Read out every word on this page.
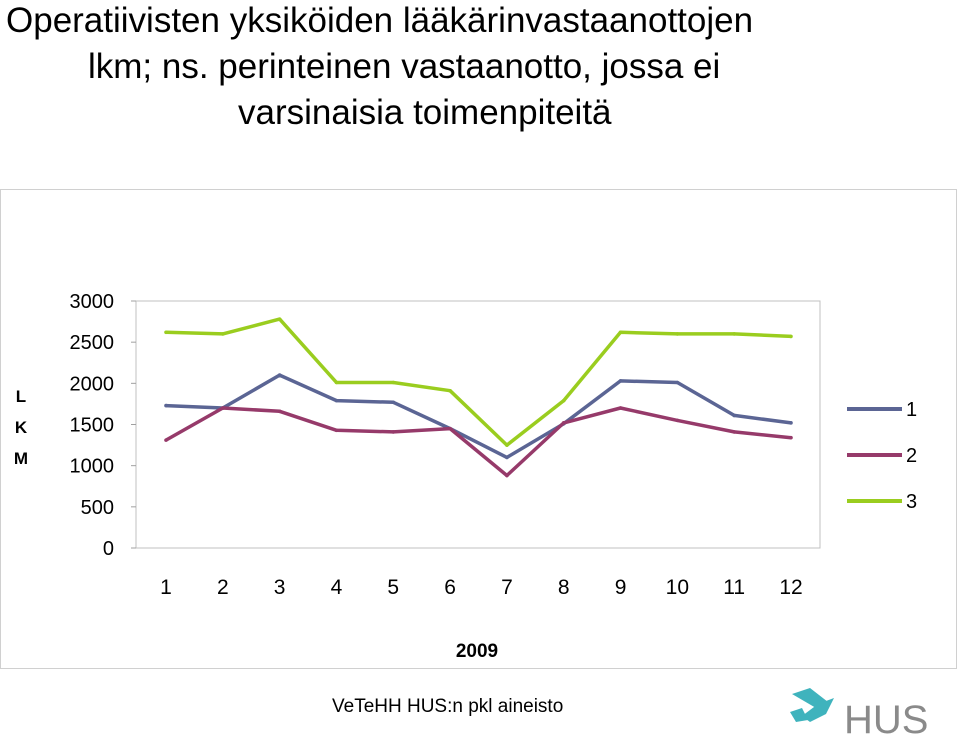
Operatiivisten yksiköiden lääkärinvastaanottojen
lkm; ns. perinteinen vastaanotto, jossa ei
varsinaisia toimenpiteitä
0
500
1000
1500
2000
2500
3000
L
K
M
1 2 3 4 5 6 7 8 9 10 11 12
1
2
3
2009
VeTeHH HUS:n pkl aineisto	HUS
